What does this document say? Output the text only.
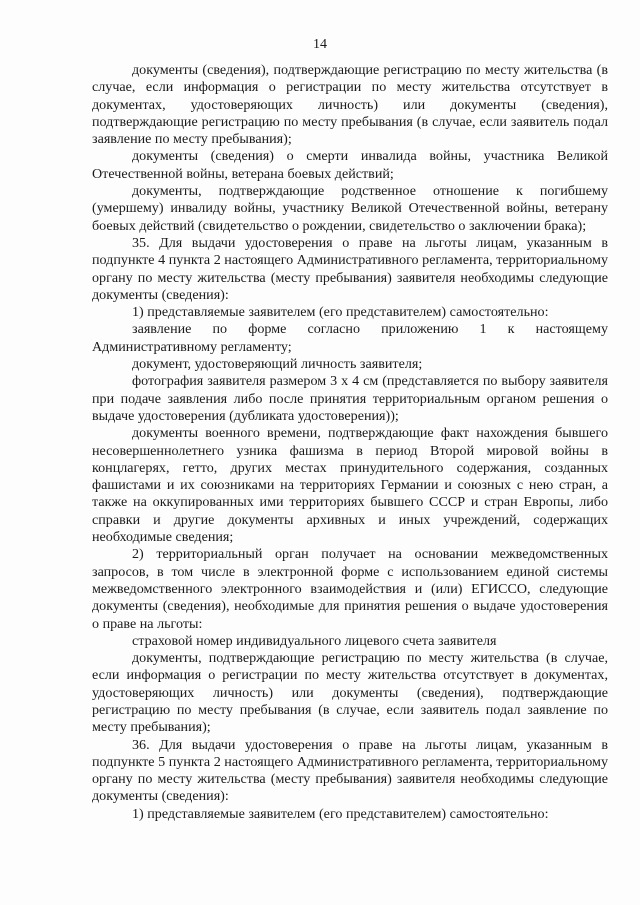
14

документы (сведения), подтверждающие регистрацию по месту жительства (в случае, если информация о регистрации по месту жительства отсутствует в документах, удостоверяющих личность) или документы (сведения), подтверждающие регистрацию по месту пребывания (в случае, если заявитель подал заявление по месту пребывания);

документы (сведения) о смерти инвалида войны, участника Великой Отечественной войны, ветерана боевых действий;

документы, подтверждающие родственное отношение к погибшему (умершему) инвалиду войны, участнику Великой Отечественной войны, ветерану боевых действий (свидетельство о рождении, свидетельство о заключении брака);

35. Для выдачи удостоверения о праве на льготы лицам, указанным в подпункте 4 пункта 2 настоящего Административного регламента, территориальному органу по месту жительства (месту пребывания) заявителя необходимы следующие документы (сведения):

1) представляемые заявителем (его представителем) самостоятельно:

заявление по форме согласно приложению 1 к настоящему Административному регламенту;

документ, удостоверяющий личность заявителя;

фотография заявителя размером 3 х 4 см (представляется по выбору заявителя при подаче заявления либо после принятия территориальным органом решения о выдаче удостоверения (дубликата удостоверения));

документы военного времени, подтверждающие факт нахождения бывшего несовершеннолетнего узника фашизма в период Второй мировой войны в концлагерях, гетто, других местах принудительного содержания, созданных фашистами и их союзниками на территориях Германии и союзных с нею стран, а также на оккупированных ими территориях бывшего СССР и стран Европы, либо справки и другие документы архивных и иных учреждений, содержащих необходимые сведения;

2) территориальный орган получает на основании межведомственных запросов, в том числе в электронной форме с использованием единой системы межведомственного электронного взаимодействия и (или) ЕГИССО, следующие документы (сведения), необходимые для принятия решения о выдаче удостоверения о праве на льготы:

страховой номер индивидуального лицевого счета заявителя

документы, подтверждающие регистрацию по месту жительства (в случае, если информация о регистрации по месту жительства отсутствует в документах, удостоверяющих личность) или документы (сведения), подтверждающие регистрацию по месту пребывания (в случае, если заявитель подал заявление по месту пребывания);

36. Для выдачи удостоверения о праве на льготы лицам, указанным в подпункте 5 пункта 2 настоящего Административного регламента, территориальному органу по месту жительства (месту пребывания) заявителя необходимы следующие документы (сведения):

1) представляемые заявителем (его представителем) самостоятельно:
